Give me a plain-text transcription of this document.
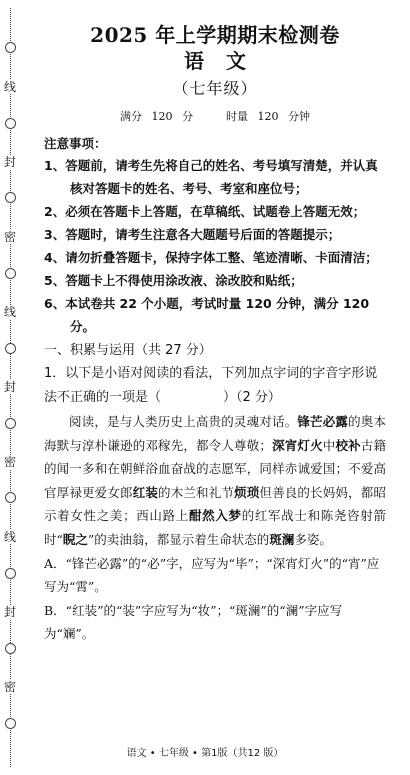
线
封
密
线
封
密
线
封
密
2025 年上学期期末检测卷
语文
（七年级）
满分 120 分	时量 120 分钟
注意事项：
1、答题前，请考生先将自己的姓名、考号填写清楚，并认真核对答题卡的姓名、考号、考室和座位号；
2、必须在答题卡上答题，在草稿纸、试题卷上答题无效；
3、答题时，请考生注意各大题题号后面的答题提示；
4、请勿折叠答题卡，保持字体工整、笔迹清晰、卡面清洁；
5、答题卡上不得使用涂改液、涂改胶和贴纸；
6、本试卷共 22 个小题，考试时量 120 分钟，满分 120 分。
一、积累与运用（共 27 分）
1．以下是小语对阅读的看法，下列加点字词的字音字形说法不正确的一项是（	）（2 分）
阅读，是与人类历史上高贵的灵魂对话。锋芒必露的奥本海默与淳朴谦逊的邓稼先，都令人尊敬；深宵灯火中校补古籍的闻一多和在朝鲜浴血奋战的志愿军，同样赤诚爱国；不爱高官厚禄更爱女郎红装的木兰和礼节烦琐但善良的长妈妈，都昭示着女性之美；西山路上酣然入梦的红军战士和陈尧咨射箭时“睨之”的卖油翁，都显示着生命状态的斑澜多姿。
A．“锋芒必露”的“必”字，应写为“毕”；“深宵灯火”的“宵”应写为“霄”。
B．“红装”的“装”字应写为“妆”；“斑澜”的“澜”字应写为“斓”。
语文 • 七年级 • 第1版（共12 版）
